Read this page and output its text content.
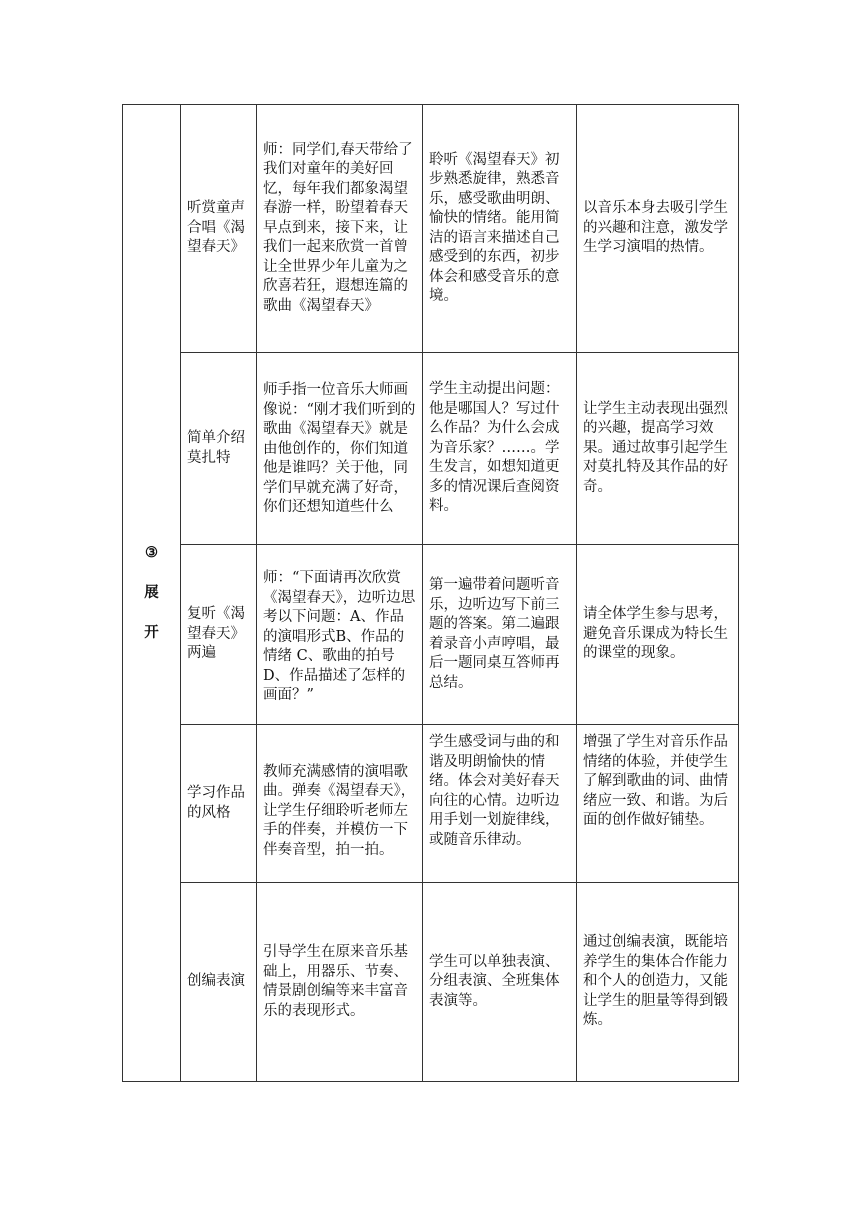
③
展
开	听赏童声合唱《渴望春天》	师：同学们,春天带给了我们对童年的美好回忆，每年我们都象渴望春游一样，盼望着春天早点到来，接下来，让我们一起来欣赏一首曾让全世界少年儿童为之欣喜若狂，遐想连篇的歌曲《渴望春天》	聆听《渴望春天》初步熟悉旋律，熟悉音乐，感受歌曲明朗、愉快的情绪。能用简洁的语言来描述自己感受到的东西，初步体会和感受音乐的意境。	以音乐本身去吸引学生的兴趣和注意，激发学生学习演唱的热情。
	简单介绍莫扎特	师手指一位音乐大师画像说：“刚才我们听到的歌曲《渴望春天》就是由他创作的，你们知道他是谁吗？关于他，同学们早就充满了好奇，你们还想知道些什么	学生主动提出问题：他是哪国人？写过什么作品？为什么会成为音乐家？……。学生发言，如想知道更多的情况课后查阅资料。	让学生主动表现出强烈的兴趣，提高学习效果。通过故事引起学生对莫扎特及其作品的好奇。
	复听《渴望春天》两遍	师：“下面请再次欣赏《渴望春天》，边听边思考以下问题：A、作品的演唱形式B、作品的情绪 C、歌曲的拍号 D、作品描述了怎样的画面？”	第一遍带着问题听音乐，边听边写下前三题的答案。第二遍跟着录音小声哼唱，最后一题同桌互答师再总结。	请全体学生参与思考，避免音乐课成为特长生的课堂的现象。
	学习作品的风格	教师充满感情的演唱歌曲。弹奏《渴望春天》，让学生仔细聆听老师左手的伴奏，并模仿一下伴奏音型，拍一拍。	学生感受词与曲的和谐及明朗愉快的情绪。体会对美好春天向往的心情。边听边用手划一划旋律线，或随音乐律动。	增强了学生对音乐作品情绪的体验，并使学生了解到歌曲的词、曲情绪应一致、和谐。为后面的创作做好铺垫。
	创编表演	引导学生在原来音乐基础上，用器乐、节奏、情景剧创编等来丰富音乐的表现形式。	学生可以单独表演、分组表演、全班集体表演等。	通过创编表演，既能培养学生的集体合作能力和个人的创造力，又能让学生的胆量等得到锻炼。
